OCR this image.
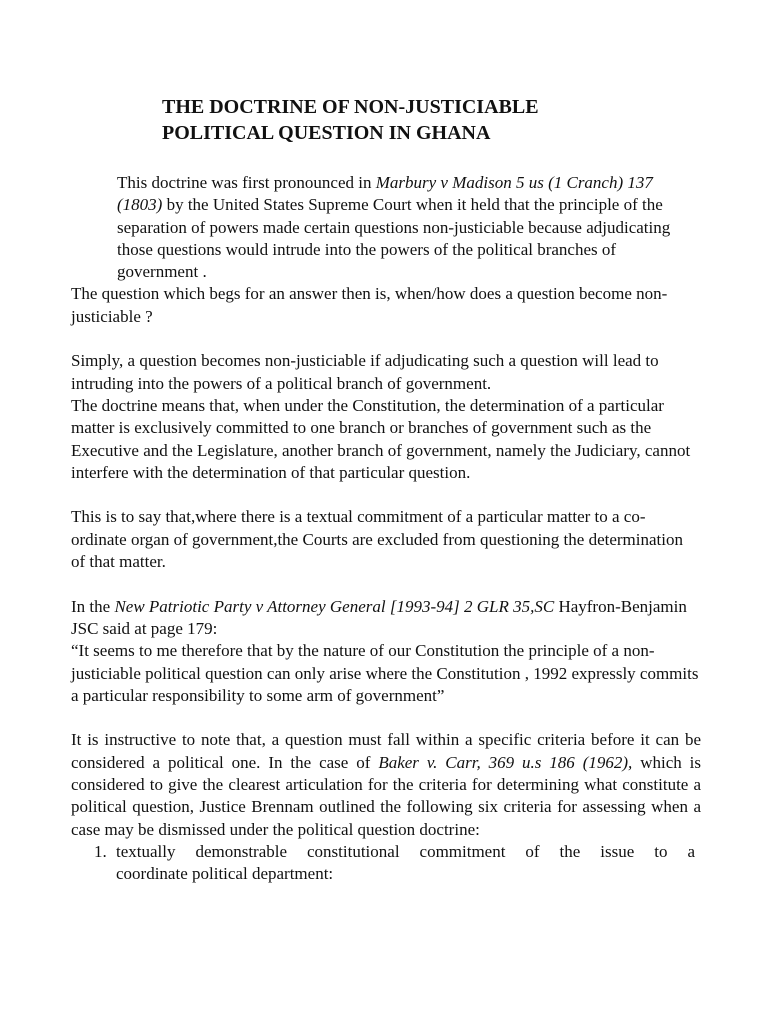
THE DOCTRINE OF NON-JUSTICIABLE
POLITICAL QUESTION IN GHANA

This doctrine was first pronounced in Marbury v Madison 5 us (1 Cranch) 137 (1803) by the United States Supreme Court when it held that the principle of the separation of powers made certain questions non-justiciable because adjudicating those questions would intrude into the powers of the political branches of government .

The question which begs for an answer then is, when/how does a question become non-justiciable ?

Simply, a question becomes non-justiciable if adjudicating such a question will lead to intruding into the powers of a political branch of government.

The doctrine means that, when under the Constitution, the determination of a particular matter is exclusively committed to one branch or branches of government such as the Executive and the Legislature, another branch of government, namely the Judiciary, cannot interfere with the determination of that particular question.

This is to say that,where there is a textual commitment of a particular matter to a co-ordinate organ of government,the Courts are excluded from questioning the determination of that matter.

In the New Patriotic Party v Attorney General [1993-94] 2 GLR 35,SC Hayfron-Benjamin JSC said at page 179:

“It seems to me therefore that by the nature of our Constitution the principle of a non-justiciable political question can only arise where the Constitution , 1992 expressly commits a particular responsibility to some arm of government”

It is instructive to note that, a question must fall within a specific criteria before it can be considered a political one. In the case of Baker v. Carr, 369 u.s 186 (1962), which is considered to give the clearest articulation for the criteria for determining what constitute a political question, Justice Brennam outlined the following six criteria for assessing when a case may be dismissed under the political question doctrine:

1. textually demonstrable constitutional commitment of the issue to a
coordinate political department:
